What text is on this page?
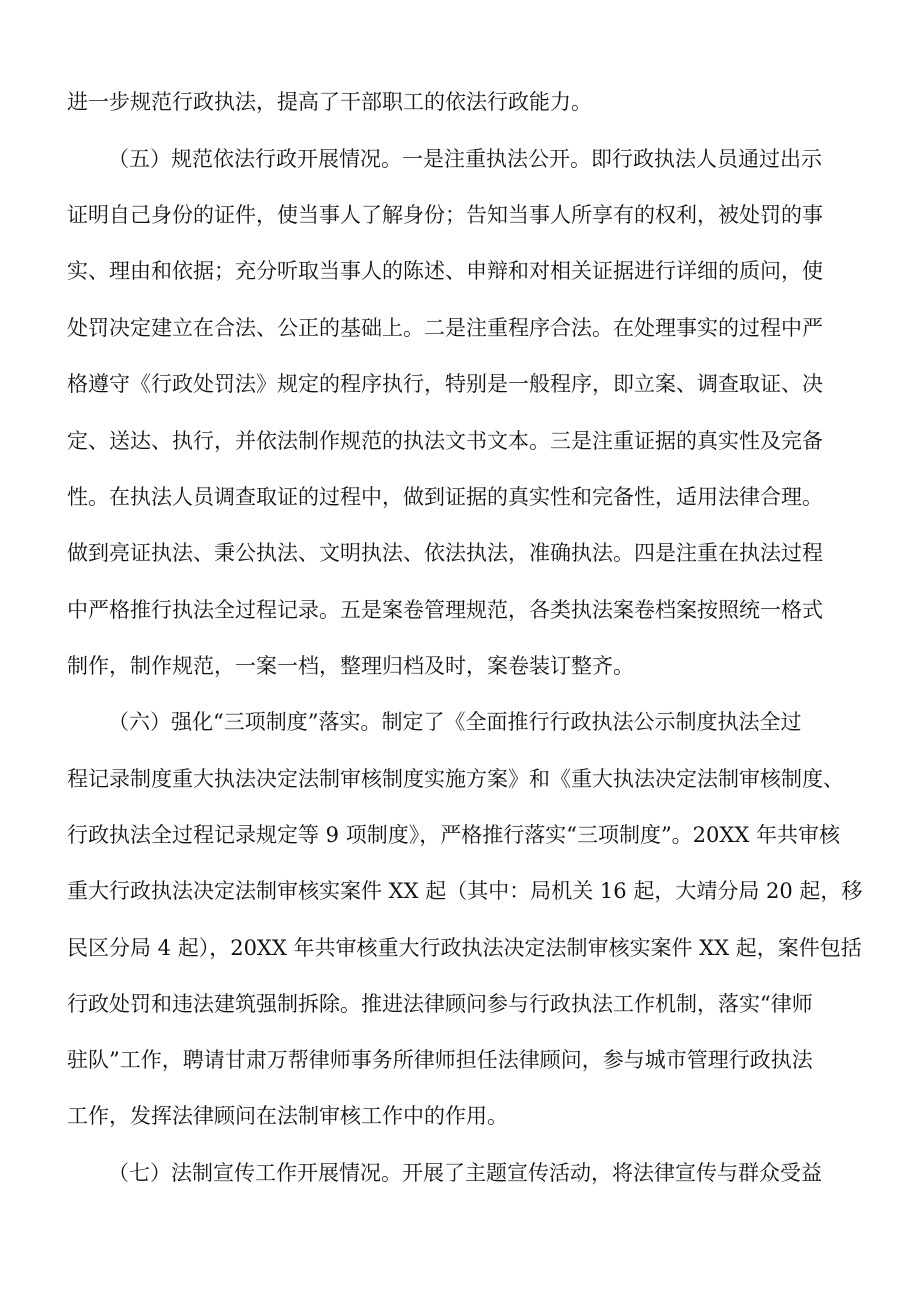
进一步规范行政执法，提高了干部职工的依法行政能力。
（五）规范依法行政开展情况。一是注重执法公开。即行政执法人员通过出示
证明自己身份的证件，使当事人了解身份；告知当事人所享有的权利，被处罚的事
实、理由和依据；充分听取当事人的陈述、申辩和对相关证据进行详细的质问，使
处罚决定建立在合法、公正的基础上。二是注重程序合法。在处理事实的过程中严
格遵守《行政处罚法》规定的程序执行，特别是一般程序，即立案、调查取证、决
定、送达、执行，并依法制作规范的执法文书文本。三是注重证据的真实性及完备
性。在执法人员调查取证的过程中，做到证据的真实性和完备性，适用法律合理。
做到亮证执法、秉公执法、文明执法、依法执法，准确执法。四是注重在执法过程
中严格推行执法全过程记录。五是案卷管理规范，各类执法案卷档案按照统一格式
制作，制作规范，一案一档，整理归档及时，案卷装订整齐。
（六）强化“三项制度”落实。制定了《全面推行行政执法公示制度执法全过
程记录制度重大执法决定法制审核制度实施方案》和《重大执法决定法制审核制度、
行政执法全过程记录规定等 9 项制度》，严格推行落实“三项制度”。20XX 年共审核
重大行政执法决定法制审核实案件 XX 起（其中：局机关 16 起，大靖分局 20 起，移
民区分局 4 起），20XX 年共审核重大行政执法决定法制审核实案件 XX 起，案件包括
行政处罚和违法建筑强制拆除。推进法律顾问参与行政执法工作机制，落实“律师
驻队”工作，聘请甘肃万帮律师事务所律师担任法律顾问，参与城市管理行政执法
工作，发挥法律顾问在法制审核工作中的作用。
（七）法制宣传工作开展情况。开展了主题宣传活动，将法律宣传与群众受益
